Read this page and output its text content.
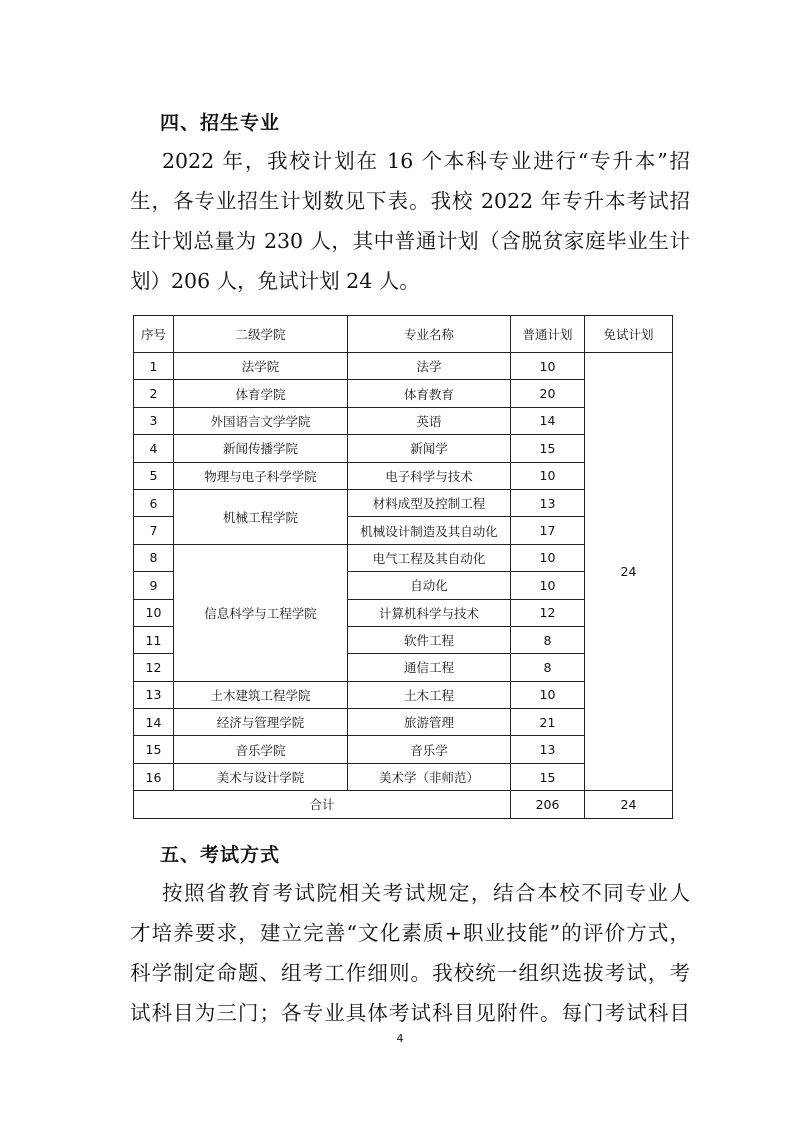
四、招生专业
2022 年，我校计划在 16 个本科专业进行“专升本”招
生，各专业招生计划数见下表。我校 2022 年专升本考试招
生计划总量为 230 人，其中普通计划（含脱贫家庭毕业生计
划）206 人，免试计划 24 人。
序号	二级学院	专业名称	普通计划	免试计划
1	法学院	法学	10	24
2	体育学院	体育教育	20	
3	外国语言文学学院	英语	14	
4	新闻传播学院	新闻学	15	
5	物理与电子科学学院	电子科学与技术	10	
6	机械工程学院	材料成型及控制工程	13	
7		机械设计制造及其自动化	17	
8	信息科学与工程学院	电气工程及其自动化	10	
9		自动化	10	
10		计算机科学与技术	12	
11		软件工程	8	
12		通信工程	8	
13	土木建筑工程学院	土木工程	10	
14	经济与管理学院	旅游管理	21	
15	音乐学院	音乐学	13	
16	美术与设计学院	美术学（非师范）	15	
合计			206	24
五、考试方式
按照省教育考试院相关考试规定，结合本校不同专业人
才培养要求，建立完善“文化素质+职业技能”的评价方式，
科学制定命题、组考工作细则。我校统一组织选拔考试，考
试科目为三门；各专业具体考试科目见附件。每门考试科目
4
